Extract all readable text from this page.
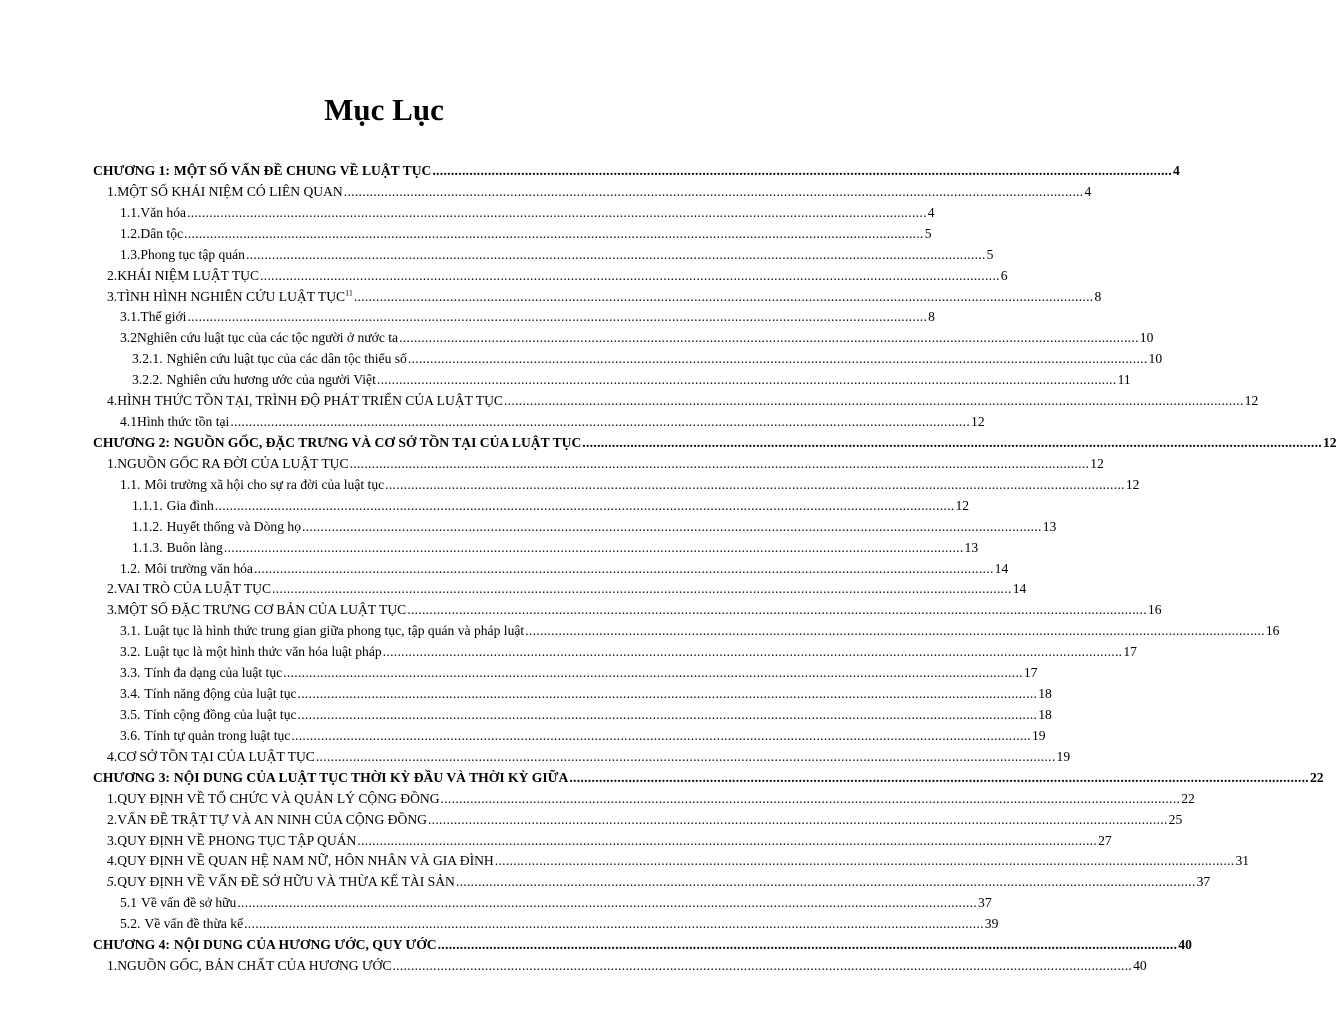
Mục Lục
CHƯƠNG 1: MỘT SỐ VẤN ĐỀ CHUNG VỀ LUẬT TỤC .....	4
1. MỘT SỐ KHÁI NIỆM CÓ LIÊN QUAN .....	4
1.1. Văn hóa .....	4
1.2. Dân tộc .....	5
1.3. Phong tục tập quán .....	5
2. KHÁI NIỆM LUẬT TỤC .....	6
3. TÌNH HÌNH NGHIÊN CỨU LUẬT TỤC$^{11}$ .....	8
3.1. Thế giới .....	8
3.2 Nghiên cứu luật tục của các tộc người ở nước ta .....	10
3.2.1. Nghiên cứu luật tục của các dân tộc thiểu số .....	10
3.2.2. Nghiên cứu hương ước của người Việt .....	11
4. HÌNH THỨC TỒN TẠI, TRÌNH ĐỘ PHÁT TRIỂN CỦA LUẬT TỤC .....	12
4.1 Hình thức tồn tại .....	12
CHƯƠNG 2: NGUỒN GỐC, ĐẶC TRƯNG VÀ CƠ SỞ TỒN TẠI CỦA LUẬT TỤC .....	12
1. NGUỒN GỐC RA ĐỜI CỦA LUẬT TỤC .....	12
1.1. Môi trường xã hội cho sự ra đời của luật tục .....	12
1.1.1. Gia đình .....	12
1.1.2. Huyết thống và Dòng họ .....	13
1.1.3. Buôn làng .....	13
1.2. Môi trường văn hóa .....	14
2. VAI TRÒ CỦA LUẬT TỤC .....	14
3. MỘT SỐ ĐẶC TRƯNG CƠ BẢN CỦA LUẬT TỤC .....	16
3.1. Luật tục là hình thức trung gian giữa phong tục, tập quán và pháp luật .....	16
3.2. Luật tục là một hình thức văn hóa luật pháp .....	17
3.3. Tính đa dạng của luật tục .....	17
3.4. Tính năng động của luật tục .....	18
3.5. Tính cộng đồng của luật tục .....	18
3.6. Tính tự quản trong luật tục .....	19
4. CƠ SỞ TỒN TẠI CỦA LUẬT TỤC .....	19
CHƯƠNG 3: NỘI DUNG CỦA LUẬT TỤC THỜI KỲ ĐẦU VÀ THỜI KỲ GIỮA .....	22
1. QUY ĐỊNH VỀ TỔ CHỨC VÀ QUẢN LÝ CỘNG ĐỒNG .....	22
2. VẤN ĐỀ TRẬT TỰ VÀ AN NINH CỦA CỘNG ĐỒNG .....	25
3. QUY ĐỊNH VỀ PHONG TỤC TẬP QUÁN .....	27
4. QUY ĐỊNH VỀ QUAN HỆ NAM NỮ, HÔN NHÂN VÀ GIA ĐÌNH .....	31
5. QUY ĐỊNH VỀ VẤN ĐỀ SỞ HỮU VÀ THỪA KẾ TÀI SẢN .....	37
5.1 Về vấn đề sở hữu .....	37
5.2. Về vấn đề thừa kế .....	39
CHƯƠNG 4: NỘI DUNG CỦA HƯƠNG ƯỚC, QUY ƯỚC .....	40
1. NGUỒN GỐC, BẢN CHẤT CỦA HƯƠNG ƯỚC .....	40
